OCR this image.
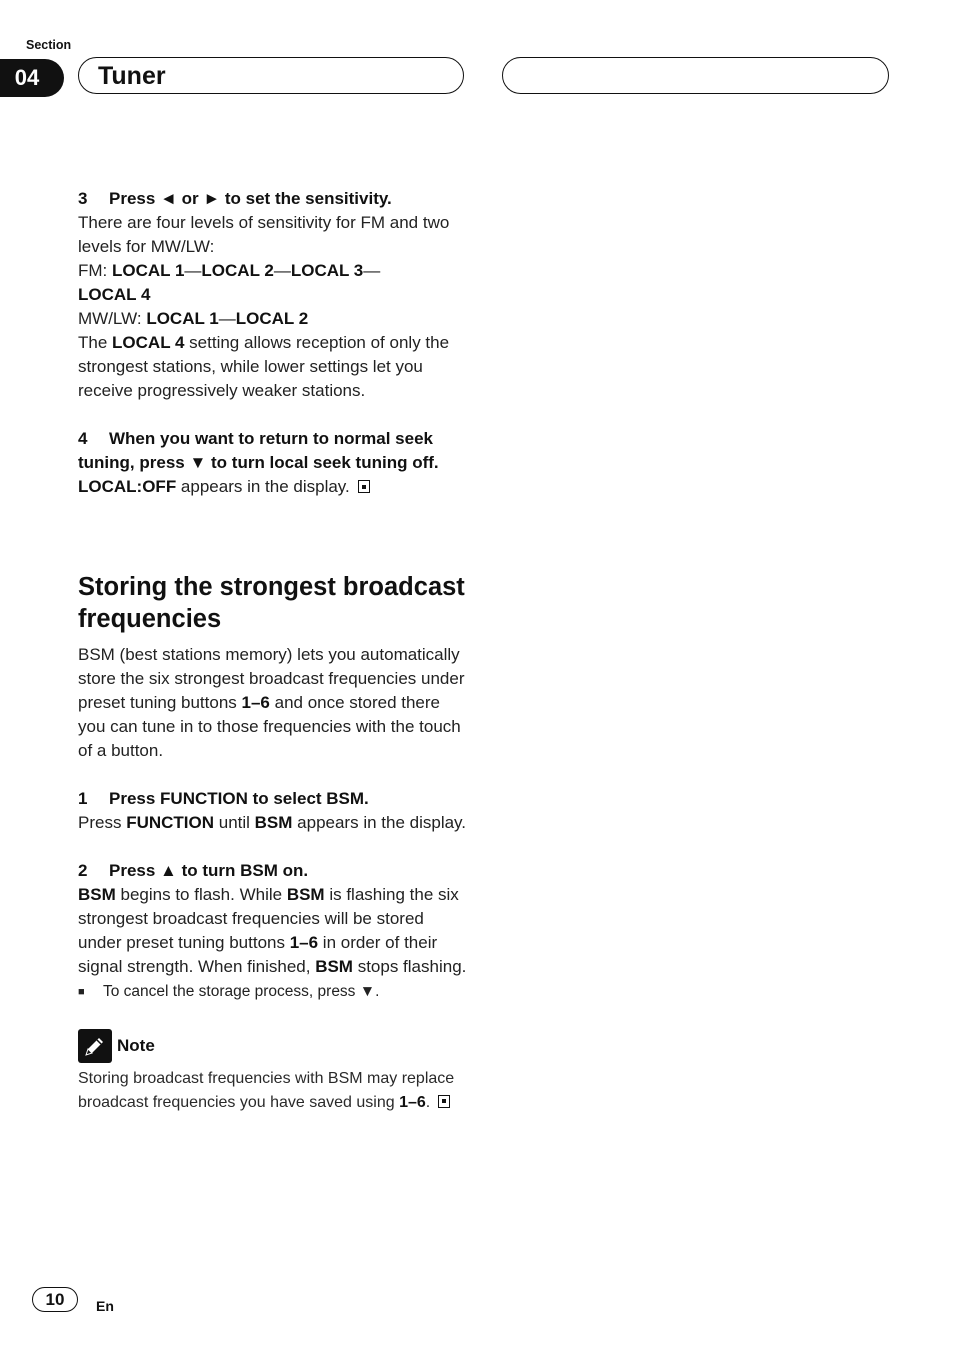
Section
04	Tuner

3 Press ◄ or ► to set the sensitivity.

There are four levels of sensitivity for FM and two levels for MW/LW:

FM: LOCAL 1—LOCAL 2—LOCAL 3—
LOCAL 4

MW/LW: LOCAL 1—LOCAL 2

The LOCAL 4 setting allows reception of only the strongest stations, while lower settings let you receive progressively weaker stations.

4 When you want to return to normal seek tuning, press ▼ to turn local seek tuning off.

LOCAL:OFF appears in the display.

Storing the strongest broadcast frequencies

BSM (best stations memory) lets you automatically store the six strongest broadcast frequencies under preset tuning buttons 1–6 and once stored there you can tune in to those frequencies with the touch of a button.

1 Press FUNCTION to select BSM.

Press FUNCTION until BSM appears in the display.

2 Press ▲ to turn BSM on.

BSM begins to flash. While BSM is flashing the six strongest broadcast frequencies will be stored under preset tuning buttons 1–6 in order of their signal strength. When finished, BSM stops flashing.

■	To cancel the storage process, press ▼.
Note

Storing broadcast frequencies with BSM may replace broadcast frequencies you have saved using 1–6.

10	En
